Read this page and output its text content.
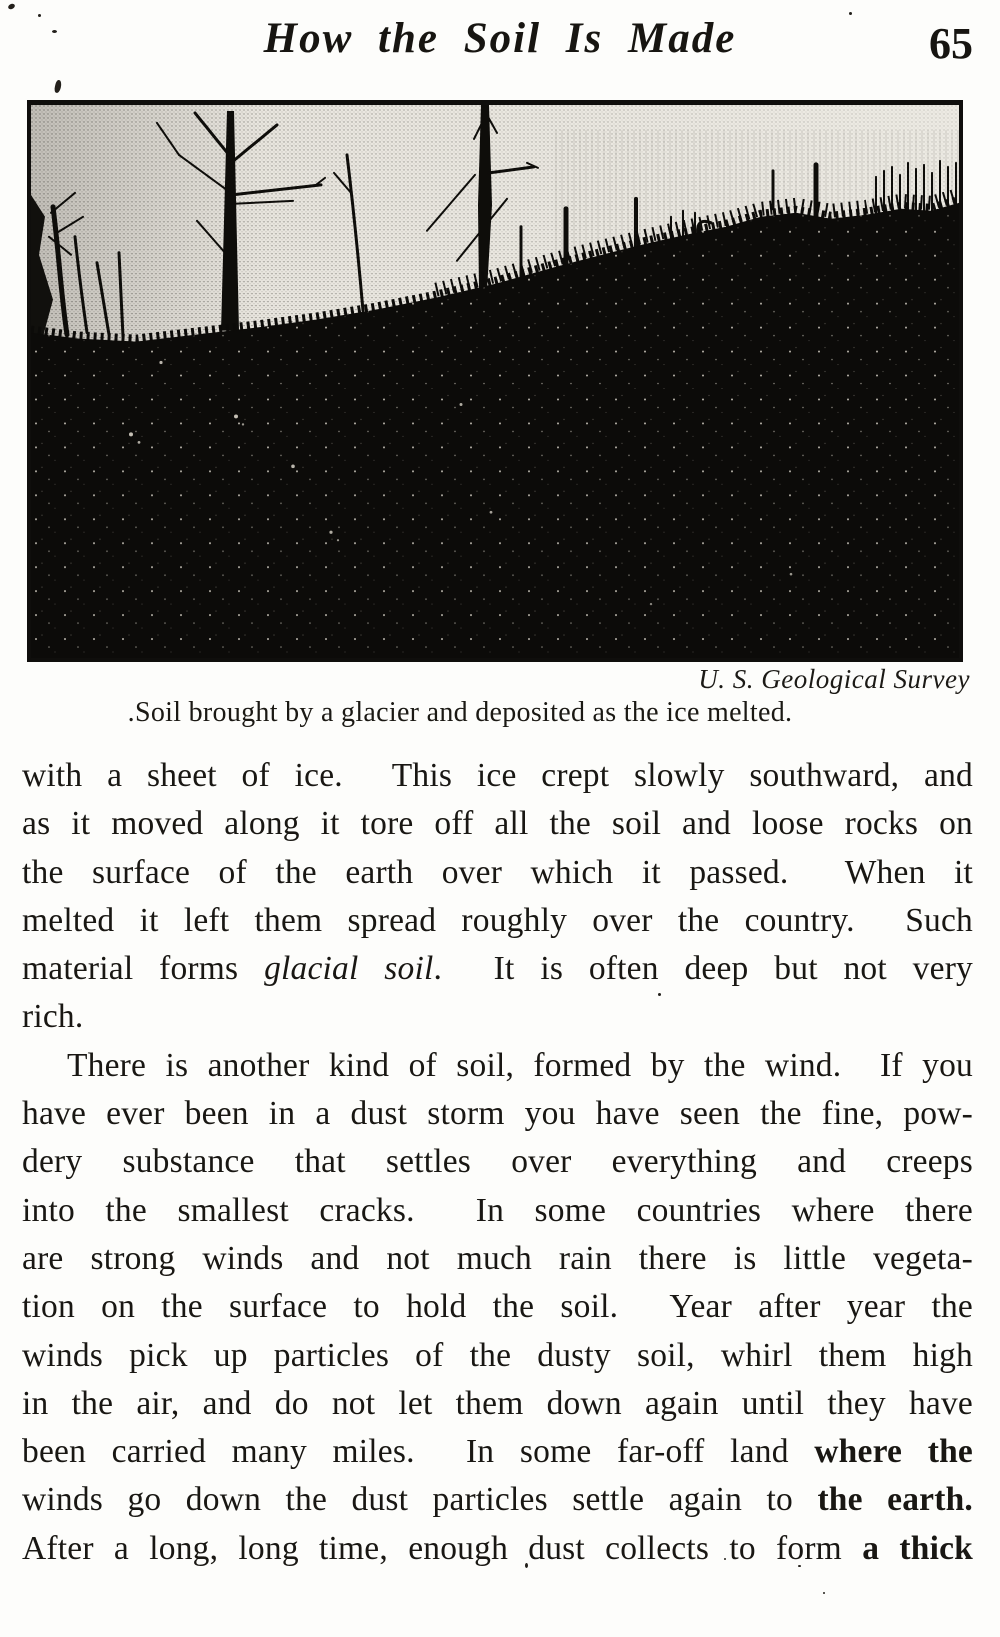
How the Soil Is Made	65
U. S. Geological Survey
.Soil brought by a glacier and deposited as the ice melted.
with a sheet of ice.  This ice crept slowly southward, and
as it moved along it tore off all the soil and loose rocks on
the surface of the earth over which it passed.  When it
melted it left them spread roughly over the country.  Such
material forms glacial soil.  It is often deep but not very
rich.
There is another kind of soil, formed by the wind.  If you
have ever been in a dust storm you have seen the fine, pow-
dery substance that settles over everything and creeps
into the smallest cracks.  In some countries where there
are strong winds and not much rain there is little vegeta-
tion on the surface to hold the soil.  Year after year the
winds pick up particles of the dusty soil, whirl them high
in the air, and do not let them down again until they have
been carried many miles.  In some far-off land where the
winds go down the dust particles settle again to the earth.
After a long, long time, enough dust collects to form a thick
